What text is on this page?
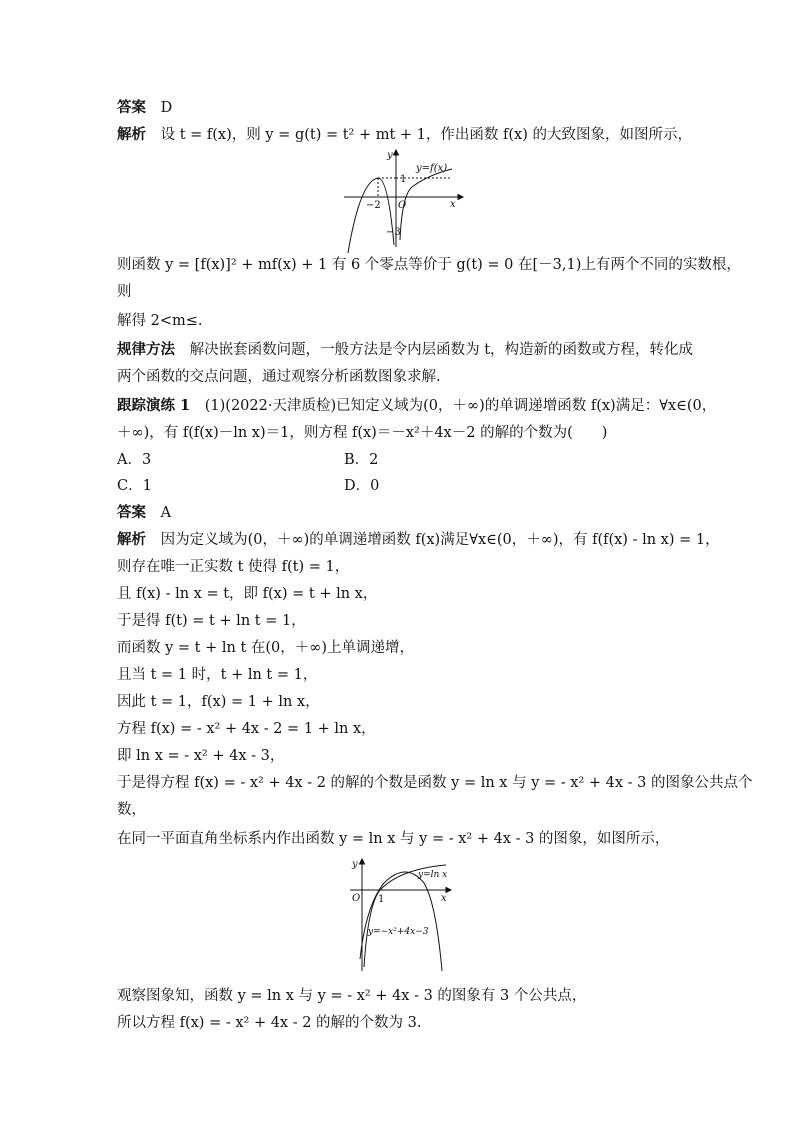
答案 D
解析 设 t = f(x)，则 y = g(t) = t² + mt + 1，作出函数 f(x) 的大致图象，如图所示，
y
x
O
1
−2
−3
y=f(x)
则函数 y = [f(x)]² + mf(x) + 1 有 6 个零点等价于 g(t) = 0 在[－3,1)上有两个不同的实数根，
则
解得 2<m≤.
规律方法 解决嵌套函数问题，一般方法是令内层函数为 t，构造新的函数或方程，转化成
两个函数的交点问题，通过观察分析函数图象求解.
跟踪演练 1 (1)(2022·天津质检)已知定义域为(0，＋∞)的单调递增函数 f(x)满足：∀x∈(0，
＋∞)，有 f(f(x)－ln x)＝1，则方程 f(x)＝－x²＋4x－2 的解的个数为(　　)
A．3	B．2
C．1	D．0
答案 A
解析 因为定义域为(0，＋∞)的单调递增函数 f(x)满足∀x∈(0，＋∞)，有 f(f(x) - ln x) = 1，
则存在唯一正实数 t 使得 f(t) = 1，
且 f(x) - ln x = t，即 f(x) = t + ln x，
于是得 f(t) = t + ln t = 1，
而函数 y = t + ln t 在(0，＋∞)上单调递增，
且当 t = 1 时，t + ln t = 1，
因此 t = 1，f(x) = 1 + ln x，
方程 f(x) = - x² + 4x - 2 = 1 + ln x，
即 ln x = - x² + 4x - 3，
于是得方程 f(x) = - x² + 4x - 2 的解的个数是函数 y = ln x 与 y = - x² + 4x - 3 的图象公共点个
数，
在同一平面直角坐标系内作出函数 y = ln x 与 y = - x² + 4x - 3 的图象，如图所示，
y
x
O 1
y=ln x
y=−x²+4x−3
观察图象知，函数 y = ln x 与 y = - x² + 4x - 3 的图象有 3 个公共点，
所以方程 f(x) = - x² + 4x - 2 的解的个数为 3.
